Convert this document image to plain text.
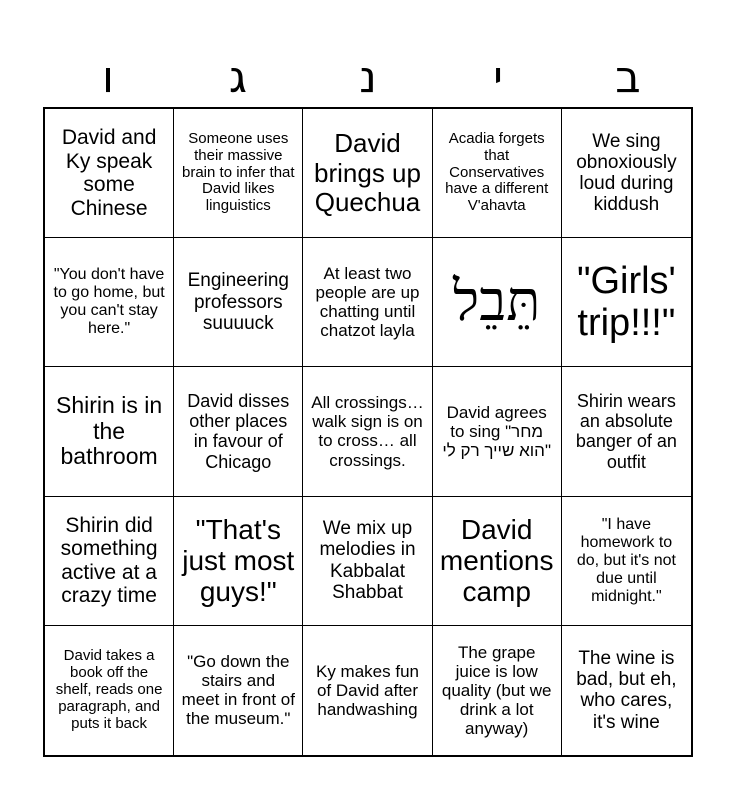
ב
י
נ
ג
ו
David and Ky speak some Chinese
Someone uses their massive brain to infer that David likes linguistics
David brings up Quechua
Acadia forgets that Conservatives have a different V'ahavta
We sing obnoxiously loud during kiddush
"You don't have to go home, but you can't stay here."
Engineering professors suuuuck
At least two people are up chatting until chatzot layla תֵּבֵל "Girls' trip!!!"
Shirin is in the bathroom
David disses other places in favour of Chicago
All crossings… walk sign is on to cross… all crossings.
David agrees to sing "מחר הוא שייך רק לי"
Shirin wears an absolute banger of an outfit
Shirin did something active at a crazy time
"That's just most guys!"
We mix up melodies in Kabbalat Shabbat
David mentions camp
"I have homework to do, but it's not due until midnight."
David takes a book off the shelf, reads one paragraph, and puts it back
"Go down the stairs and meet in front of the museum."
Ky makes fun of David after handwashing
The grape juice is low quality (but we drink a lot anyway)
The wine is bad, but eh, who cares, it's wine
